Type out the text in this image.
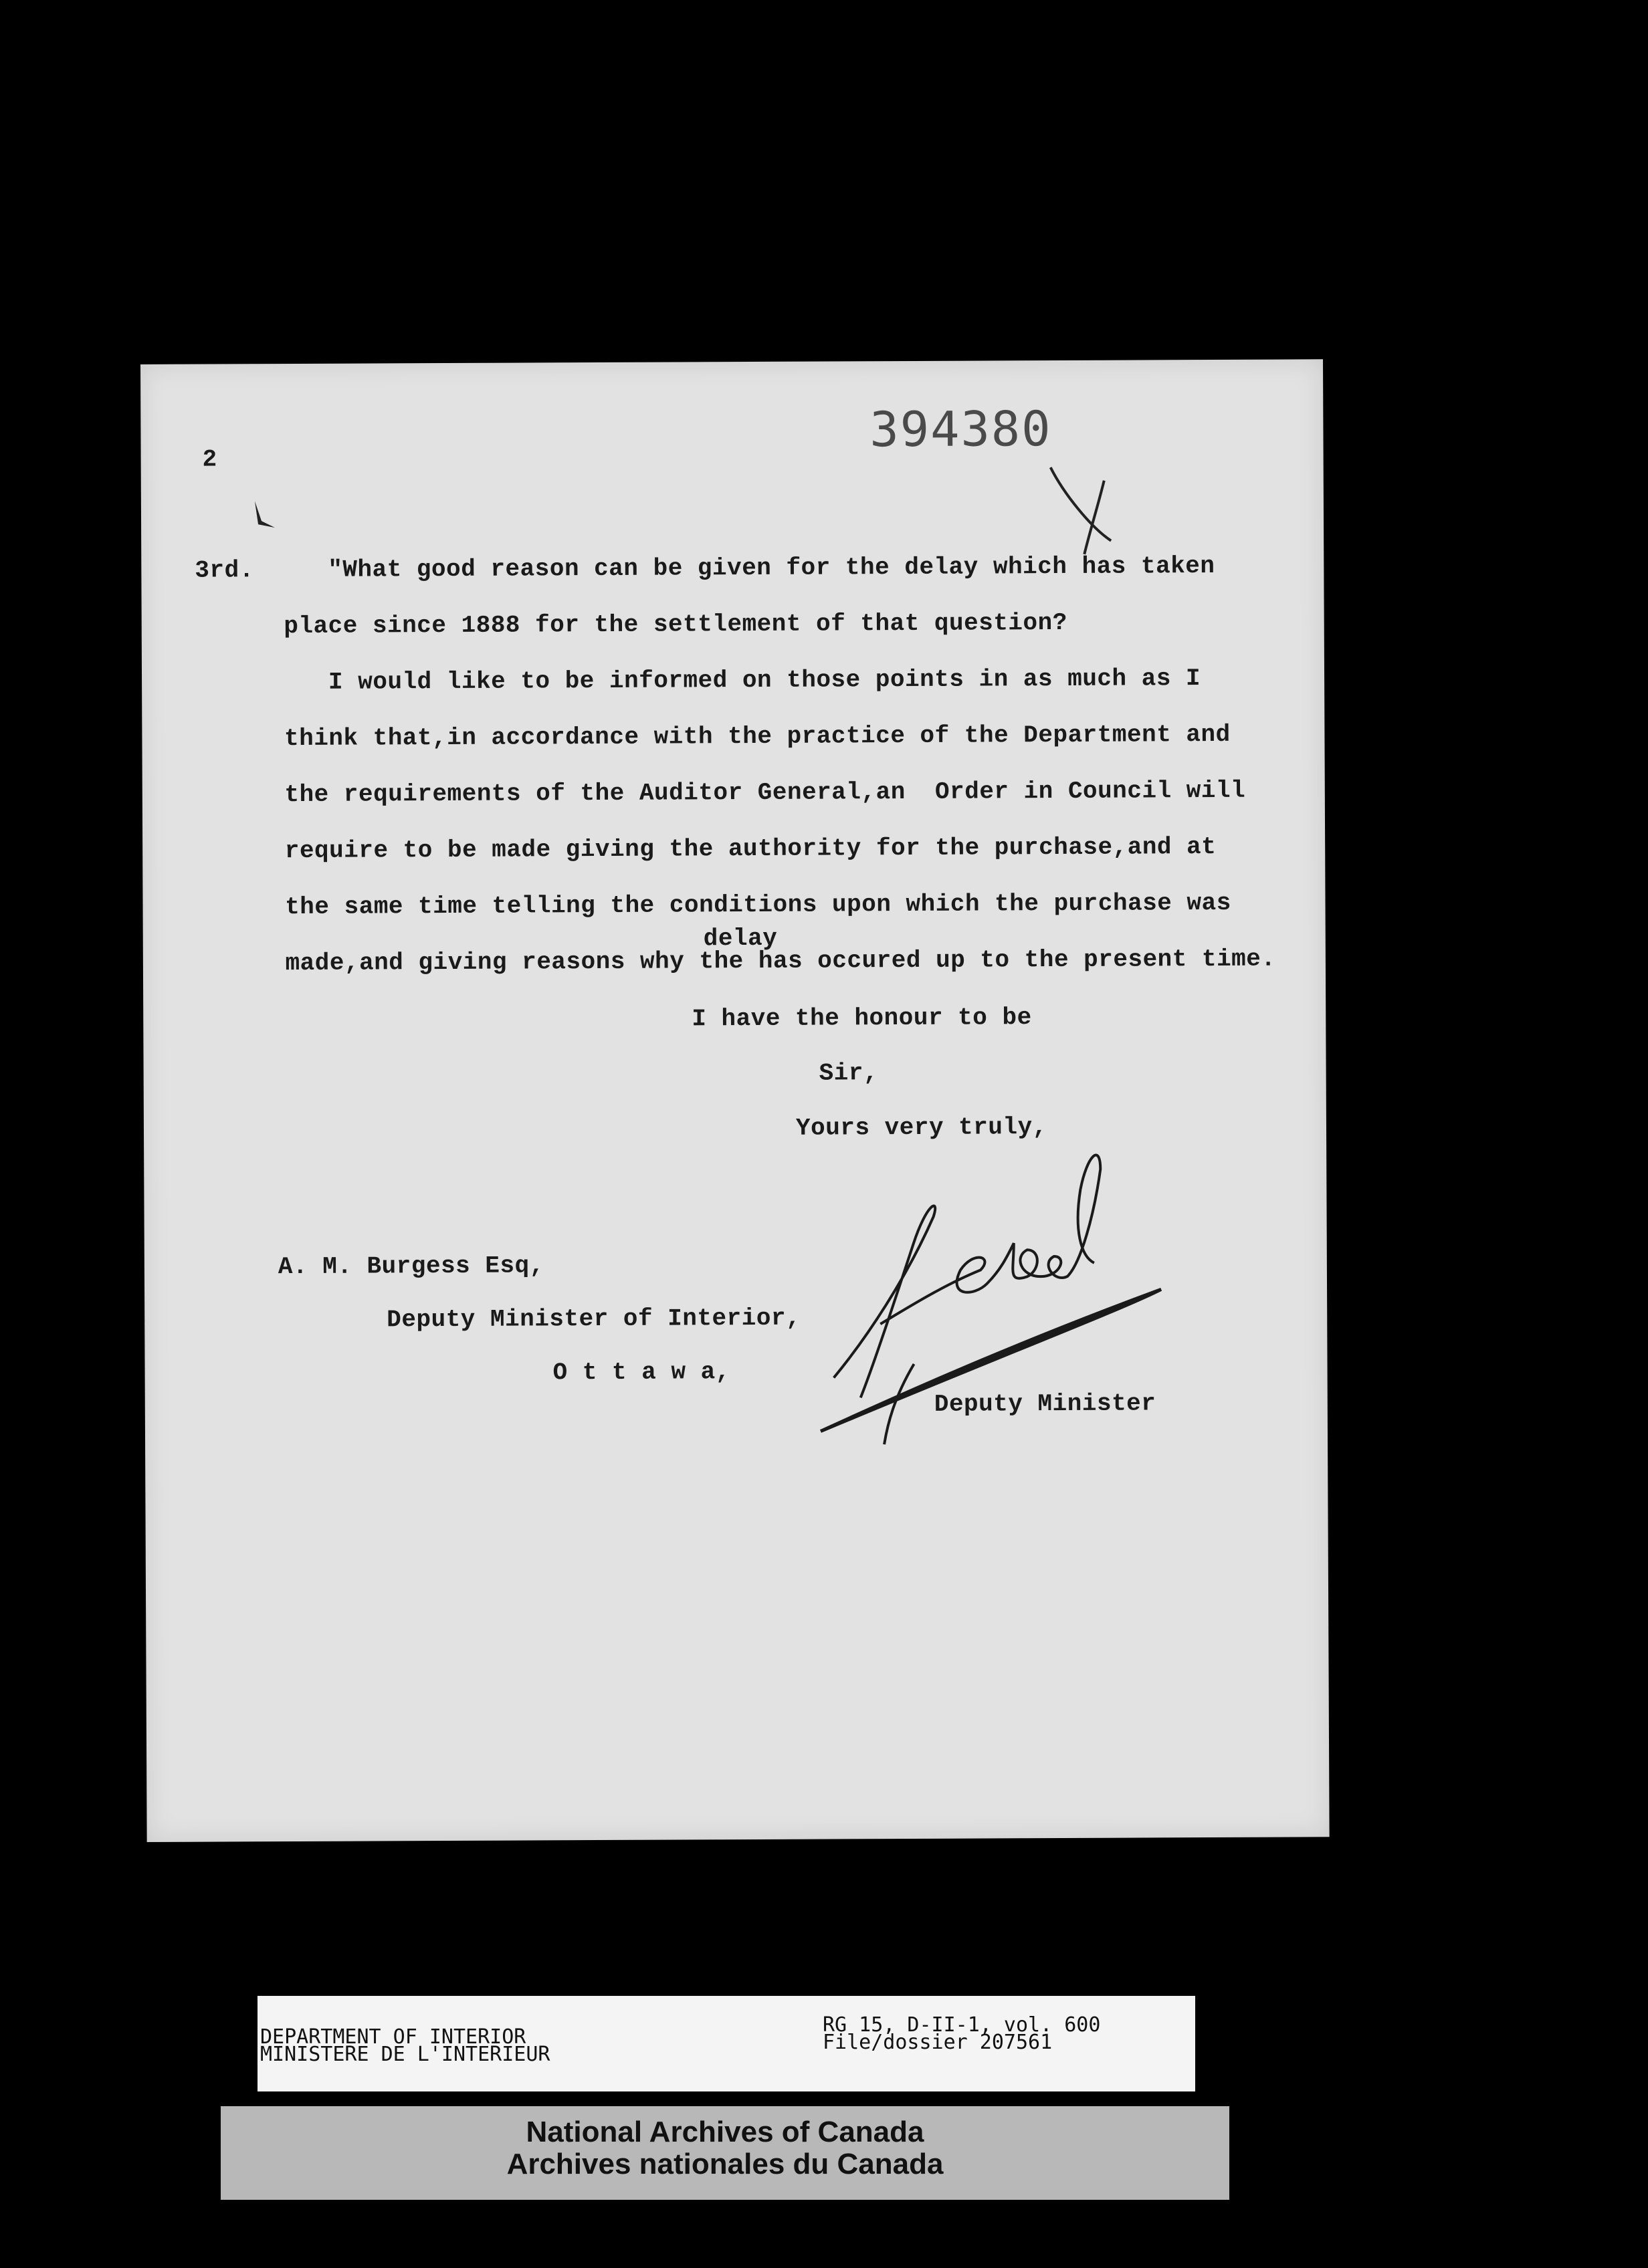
2
394380
3rd.     "What good reason can be given for the delay which has taken
place since 1888 for the settlement of that question?
I would like to be informed on those points in as much as I
think that,in accordance with the practice of the Department and
the requirements of the Auditor General,an  Order in Council will
require to be made giving the authority for the purchase,and at
the same time telling the conditions upon which the purchase was
delay
made,and giving reasons why the has occured up to the present time.
I have the honour to be
Sir,
Yours very truly,
A. M. Burgess Esq,
Deputy Minister of Interior,
O t t a w a,
Deputy Minister
DEPARTMENT OF INTERIOR
MINISTERE DE L'INTERIEUR
RG 15, D-II-1, vol. 600
File/dossier 207561
National Archives of Canada
Archives nationales du Canada
